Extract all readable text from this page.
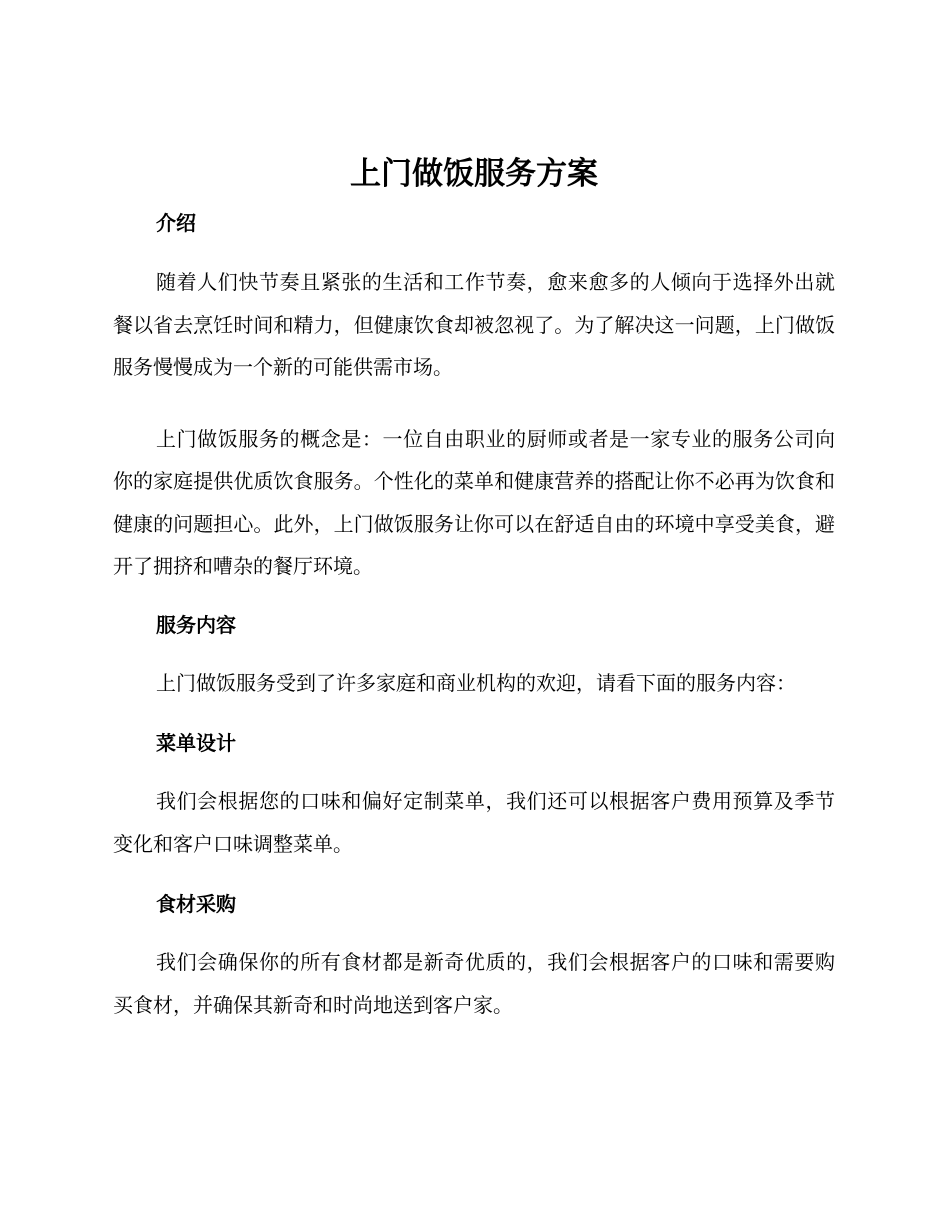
上门做饭服务方案
介绍

随着人们快节奏且紧张的生活和工作节奏，愈来愈多的人倾向于选择外出就餐以省去烹饪时间和精力，但健康饮食却被忽视了。为了解决这一问题，上门做饭服务慢慢成为一个新的可能供需市场。

上门做饭服务的概念是：一位自由职业的厨师或者是一家专业的服务公司向你的家庭提供优质饮食服务。个性化的菜单和健康营养的搭配让你不必再为饮食和健康的问题担心。此外，上门做饭服务让你可以在舒适自由的环境中享受美食，避开了拥挤和嘈杂的餐厅环境。

服务内容

上门做饭服务受到了许多家庭和商业机构的欢迎，请看下面的服务内容：

菜单设计

我们会根据您的口味和偏好定制菜单，我们还可以根据客户费用预算及季节变化和客户口味调整菜单。

食材采购

我们会确保你的所有食材都是新奇优质的，我们会根据客户的口味和需要购买食材，并确保其新奇和时尚地送到客户家。
